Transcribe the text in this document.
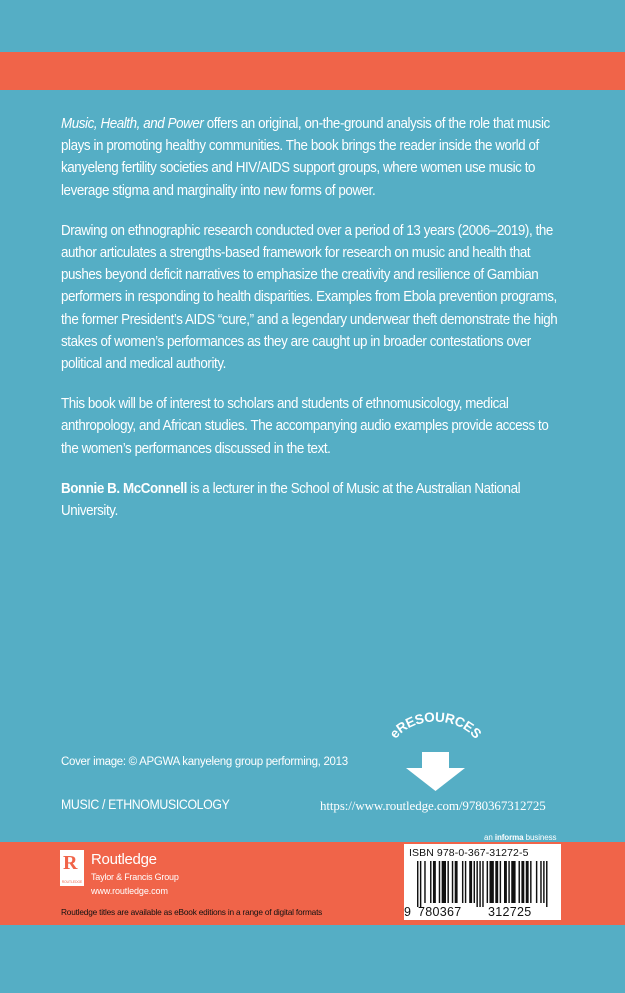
Music, Health, and Power offers an original, on-the-ground analysis of the role that music plays in promoting healthy communities. The book brings the reader inside the world of kanyeleng fertility societies and HIV/AIDS support groups, where women use music to leverage stigma and marginality into new forms of power.

Drawing on ethnographic research conducted over a period of 13 years (2006–2019), the author articulates a strengths-based framework for research on music and health that pushes beyond deficit narratives to emphasize the creativity and resilience of Gambian performers in responding to health disparities. Examples from Ebola prevention programs, the former President’s AIDS “cure,” and a legendary underwear theft demonstrate the high stakes of women’s performances as they are caught up in broader contestations over political and medical authority.

This book will be of interest to scholars and students of ethnomusicology, medical anthropology, and African studies. The accompanying audio examples provide access to the women’s performances discussed in the text.

Bonnie B. McConnell is a lecturer in the School of Music at the Australian National University.

Cover image: © APGWA kanyeleng group performing, 2013
eRESOURCES
MUSIC / ETHNOMUSICOLOGY	https://www.routledge.com/9780367312725
an informa business
R
ROUTLEDGE
Routledge
Taylor & Francis Group
www.routledge.com
Routledge titles are available as eBook editions in a range of digital formats
ISBN 978-0-367-31272-5
9 780367 312725
